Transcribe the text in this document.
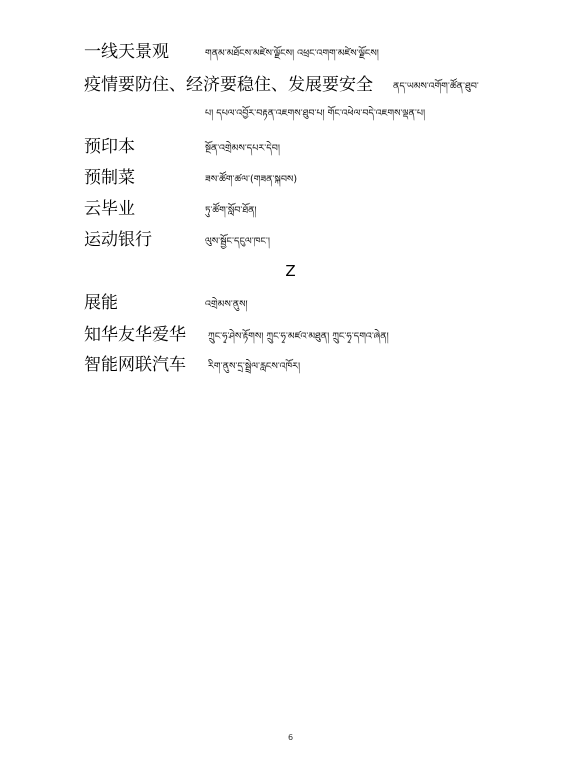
一线天景观	གནམ་མཐོངས་མཛེས་ལྗོངས། འཕྲང་འགག་མཛེས་ལྗོངས།
疫情要防住、经济要稳住、发展要安全 ནད་ཡམས་འགོག་ཚོན་ཐུབ་
པ། དཔལ་འབྱོར་བརྟན་འཇགས་ཐུབ་པ། གོང་འཕེལ་བདེ་འཇགས་ལྡན་པ།
预印本	སྔོན་འགྲེམས་དཔར་དེབ།
预制菜	ཟས་ཚོག་ཚལ་(གཟན་སྐབས)
云毕业	ཏུ་ཚོག་སློབ་ཐོན།
运动银行	ལུས་སྦྱོང་དངུལ་ཁང་།
Z
展能	འགྲེམས་ནུས།
知华友华爱华 ཀྲུང་ཧྭ་ཤེས་རྟོགས། ཀྲུང་ཧྭ་མཛའ་མཐུན། ཀྲུང་ཧྭ་དགའ་ཞེན།
智能网联汽车 རིག་ནུས་དྲ་སྦྲེལ་རླངས་འཁོར།
6
